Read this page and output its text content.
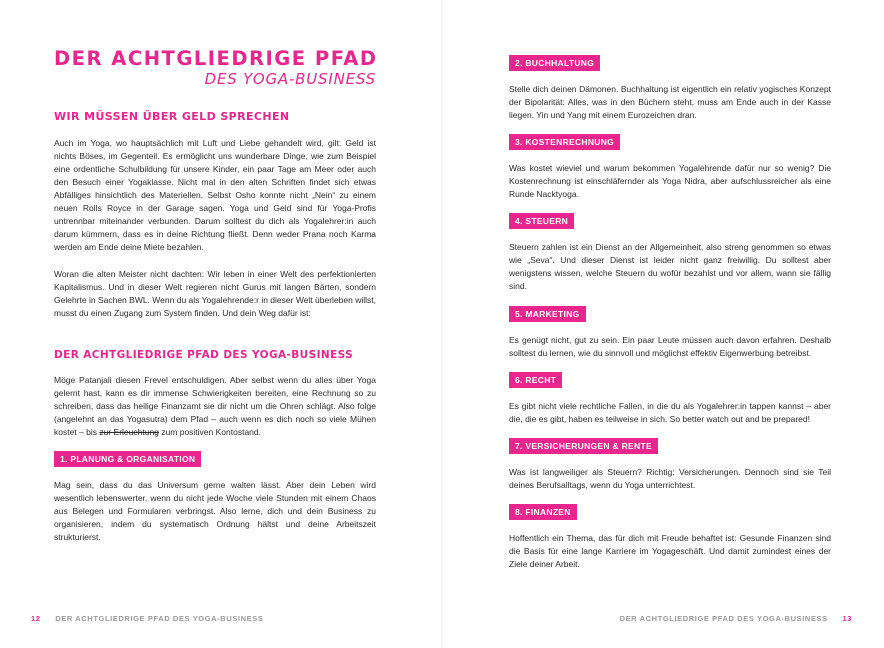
DER ACHTGLIEDRIGE PFAD
DES YOGA-BUSINESS
WIR MÜSSEN ÜBER GELD SPRECHEN

Auch im Yoga, wo hauptsächlich mit Luft und Liebe gehandelt wird, gilt: Geld ist nichts Böses, im Gegenteil. Es ermöglicht uns wunderbare Dinge, wie zum Beispiel eine ordentliche Schulbildung für unsere Kinder, ein paar Tage am Meer oder auch den Besuch einer Yogaklasse. Nicht mal in den alten Schriften findet sich etwas Abfälliges hinsichtlich des Materiellen. Selbst Osho konnte nicht „Nein“ zu einem neuen Rolls Royce in der Garage sagen. Yoga und Geld sind für Yoga-Profis untrennbar miteinander verbunden. Darum solltest du dich als Yogalehrer:in auch darum kümmern, dass es in deine Richtung fließt. Denn weder Prana noch Karma werden am Ende deine Miete bezahlen.

Woran die alten Meister nicht dachten: Wir leben in einer Welt des perfektionierten Kapitalismus. Und in dieser Welt regieren nicht Gurus mit langen Bärten, sondern Gelehrte in Sachen BWL. Wenn du als Yogalehrende:r in dieser Welt überleben willst, musst du einen Zugang zum System finden. Und dein Weg dafür ist:

DER ACHTGLIEDRIGE PFAD DES YOGA-BUSINESS

Möge Patanjali diesen Frevel entschuldigen. Aber selbst wenn du alles über Yoga gelernt hast, kann es dir immense Schwierigkeiten bereiten, eine Rechnung so zu schreiben, dass das heilige Finanzamt sie dir nicht um die Ohren schlägt. Also folge (angelehnt an das Yogasutra) dem Pfad – auch wenn es dich noch so viele Mühen kostet – bis zur Erleuchtung zum positiven Kontostand.

1. PLANUNG & ORGANISATION

Mag sein, dass du das Universum gerne walten lässt. Aber dein Leben wird wesentlich lebenswerter, wenn du nicht jede Woche viele Stunden mit einem Chaos aus Belegen und Formularen verbringst. Also lerne, dich und dein Business zu organisieren, indem du systematisch Ordnung hältst und deine Arbeitszeit strukturierst.

12 DER ACHTGLIEDRIGE PFAD DES YOGA-BUSINESS
2. BUCHHALTUNG

Stelle dich deinen Dämonen. Buchhaltung ist eigentlich ein relativ yogisches Konzept der Bipolarität: Alles, was in den Büchern steht, muss am Ende auch in der Kasse liegen. Yin und Yang mit einem Eurozeichen dran.

3. KOSTENRECHNUNG

Was kostet wieviel und warum bekommen Yogalehrende dafür nur so wenig? Die Kostenrechnung ist einschläfernder als Yoga Nidra, aber aufschlussreicher als eine Runde Nacktyoga.

4. STEUERN

Steuern zahlen ist ein Dienst an der Allgemeinheit, also streng genommen so etwas wie „Seva“. Und dieser Dienst ist leider nicht ganz freiwillig. Du solltest aber wenigstens wissen, welche Steuern du wofür bezahlst und vor allem, wann sie fällig sind.

5. MARKETING

Es genügt nicht, gut zu sein. Ein paar Leute müssen auch davon erfahren. Deshalb solltest du lernen, wie du sinnvoll und möglichst effektiv Eigenwerbung betreibst.

6. RECHT

Es gibt nicht viele rechtliche Fallen, in die du als Yogalehrer:in tappen kannst – aber die, die es gibt, haben es teilweise in sich. So better watch out and be prepared!

7. VERSICHERUNGEN & RENTE

Was ist langweiliger als Steuern? Richtig: Versicherungen. Dennoch sind sie Teil deines Berufsalltags, wenn du Yoga unterrichtest.

8. FINANZEN

Hoffentlich ein Thema, das für dich mit Freude behaftet ist: Gesunde Finanzen sind die Basis für eine lange Karriere im Yogageschäft. Und damit zumindest eines der Ziele deiner Arbeit.

DER ACHTGLIEDRIGE PFAD DES YOGA-BUSINESS 13
